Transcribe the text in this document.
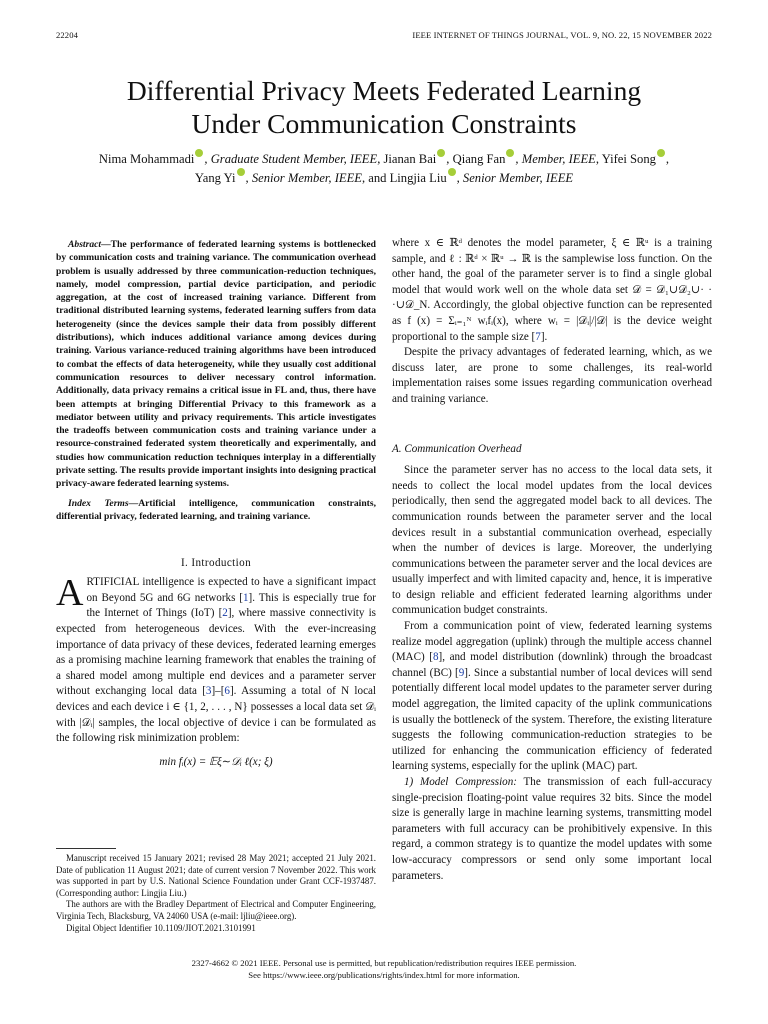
22204	IEEE INTERNET OF THINGS JOURNAL, VOL. 9, NO. 22, 15 NOVEMBER 2022
Differential Privacy Meets Federated Learning
Under Communication Constraints
Nima Mohammadi , Graduate Student Member, IEEE, Jianan Bai , Qiang Fan , Member, IEEE, Yifei Song ,
Yang Yi , Senior Member, IEEE, and Lingjia Liu , Senior Member, IEEE
Abstract—The performance of federated learning systems is bottlenecked by communication costs and training variance. The communication overhead problem is usually addressed by three communication-reduction techniques, namely, model compression, partial device participation, and periodic aggregation, at the cost of increased training variance. Different from traditional distributed learning systems, federated learning suffers from data heterogeneity (since the devices sample their data from possibly different distributions), which induces additional variance among devices during training. Various variance-reduced training algorithms have been introduced to combat the effects of data heterogeneity, while they usually cost additional communication resources to deliver necessary control information. Additionally, data privacy remains a critical issue in FL and, thus, there have been attempts at bringing Differential Privacy to this framework as a mediator between utility and privacy requirements. This article investigates the tradeoffs between communication costs and training variance under a resource-constrained federated system theoretically and experimentally, and studies how communication reduction techniques interplay in a differentially private setting. The results provide important insights into designing practical privacy-aware federated learning systems.
Index Terms—Artificial intelligence, communication constraints, differential privacy, federated learning, and training variance.
I. Introduction

ARTIFICIAL intelligence is expected to have a significant impact on Beyond 5G and 6G networks [1]. This is especially true for the Internet of Things (IoT) [2], where massive connectivity is expected from heterogeneous devices. With the ever-increasing importance of data privacy of these devices, federated learning emerges as a promising machine learning framework that enables the training of a shared model among multiple end devices and a parameter server without exchanging local data [3]–[6]. Assuming a total of N local devices and each device i ∈ {1, 2, . . . , N} possesses a local data set 𝒟ᵢ with |𝒟ᵢ| samples, the local objective of device i can be formulated as the following risk minimization problem:

min fᵢ(x) = 𝔼ξ∼𝒟ᵢ ℓ(x; ξ)

Manuscript received 15 January 2021; revised 28 May 2021; accepted 21 July 2021. Date of publication 11 August 2021; date of current version 7 November 2022. This work was supported in part by U.S. National Science Foundation under Grant CCF-1937487. (Corresponding author: Lingjia Liu.)

The authors are with the Bradley Department of Electrical and Computer Engineering, Virginia Tech, Blacksburg, VA 24060 USA (e-mail: ljliu@ieee.org).

Digital Object Identifier 10.1109/JIOT.2021.3101991

where x ∈ ℝᵈ denotes the model parameter, ξ ∈ ℝᵘ is a training sample, and ℓ : ℝᵈ × ℝᵘ → ℝ is the samplewise loss function. On the other hand, the goal of the parameter server is to find a single global model that would work well on the whole data set 𝒟 = 𝒟₁∪𝒟₂∪· · ·∪𝒟_N. Accordingly, the global objective function can be represented as f (x) = Σᵢ₌₁ᴺ wᵢfᵢ(x), where wᵢ = |𝒟ᵢ|/|𝒟| is the device weight proportional to the sample size [7].

Despite the privacy advantages of federated learning, which, as we discuss later, are prone to some challenges, its real-world implementation raises some issues regarding communication overhead and training variance.

A. Communication Overhead

Since the parameter server has no access to the local data sets, it needs to collect the local model updates from the local devices periodically, then send the aggregated model back to all devices. The communication rounds between the parameter server and the local devices result in a substantial communication overhead, especially when the number of devices is large. Moreover, the underlying communications between the parameter server and the local devices are usually imperfect and with limited capacity and, hence, it is imperative to design reliable and efficient federated learning algorithms under communication budget constraints.

From a communication point of view, federated learning systems realize model aggregation (uplink) through the multiple access channel (MAC) [8], and model distribution (downlink) through the broadcast channel (BC) [9]. Since a substantial number of local devices will send potentially different local model updates to the parameter server during model aggregation, the limited capacity of the uplink communications is usually the bottleneck of the system. Therefore, the existing literature suggests the following communication-reduction strategies to be utilized for enhancing the communication efficiency of federated learning systems, especially for the uplink (MAC) part.

1) Model Compression: The transmission of each full-accuracy single-precision floating-point value requires 32 bits. Since the model size is generally large in machine learning systems, transmitting model parameters with full accuracy can be prohibitively expensive. In this regard, a common strategy is to quantize the model updates with some low-accuracy compressors or send only some important local parameters.

2327-4662 © 2021 IEEE. Personal use is permitted, but republication/redistribution requires IEEE permission.
See https://www.ieee.org/publications/rights/index.html for more information.
